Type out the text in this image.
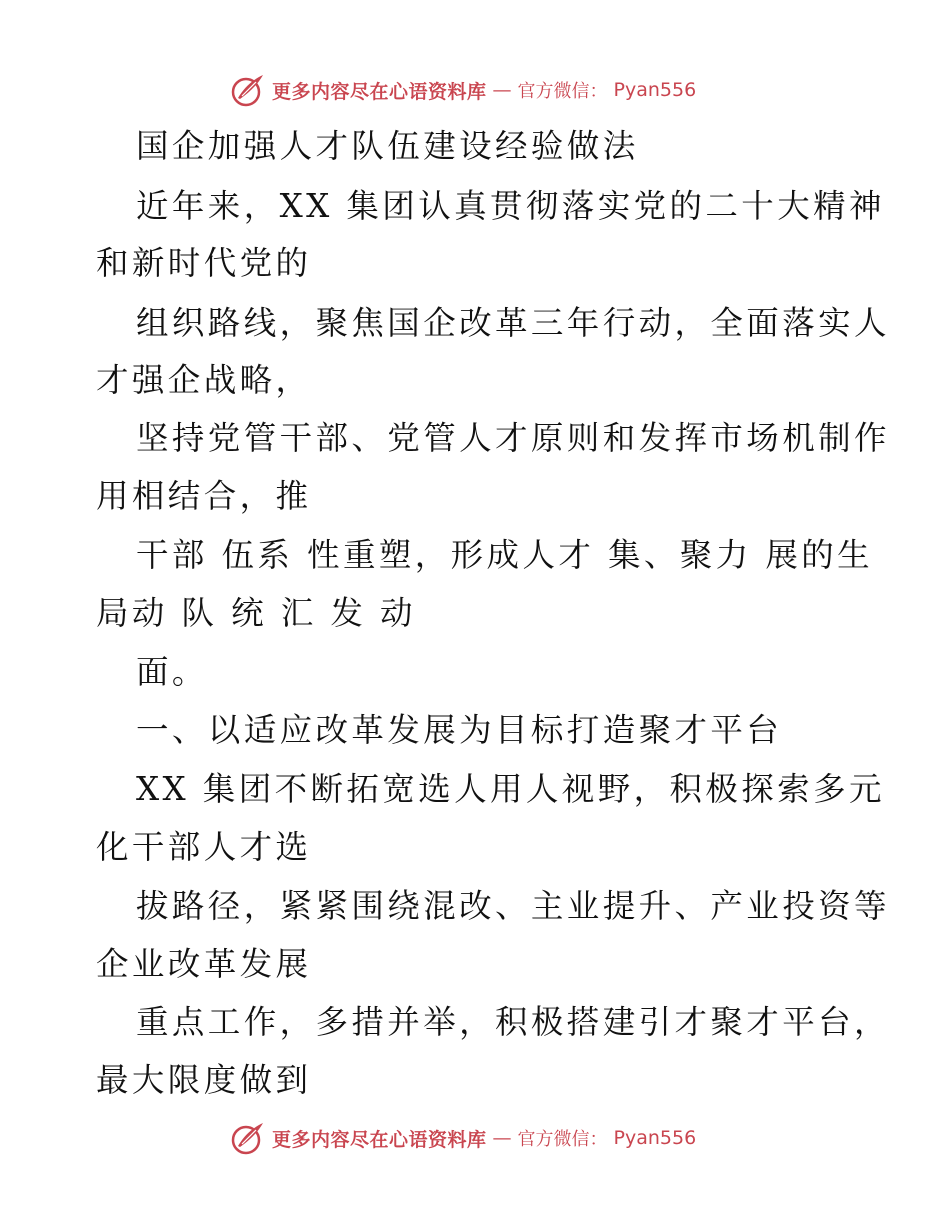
更多内容尽在心语资料库 — 官方微信： Pyan556
国企加强人才队伍建设经验做法
近年来，XX 集团认真贯彻落实党的二十大精神
和新时代党的
组织路线，聚焦国企改革三年行动，全面落实人
才强企战略，
坚持党管干部、党管人才原则和发挥市场机制作
用相结合，推
干部 伍系 性重塑，形成人才 集、聚力 展的生
局动 队 统 汇 发 动
面。
一、以适应改革发展为目标打造聚才平台
XX 集团不断拓宽选人用人视野，积极探索多元
化干部人才选
拔路径，紧紧围绕混改、主业提升、产业投资等
企业改革发展
重点工作，多措并举，积极搭建引才聚才平台，
最大限度做到
更多内容尽在心语资料库 — 官方微信： Pyan556
